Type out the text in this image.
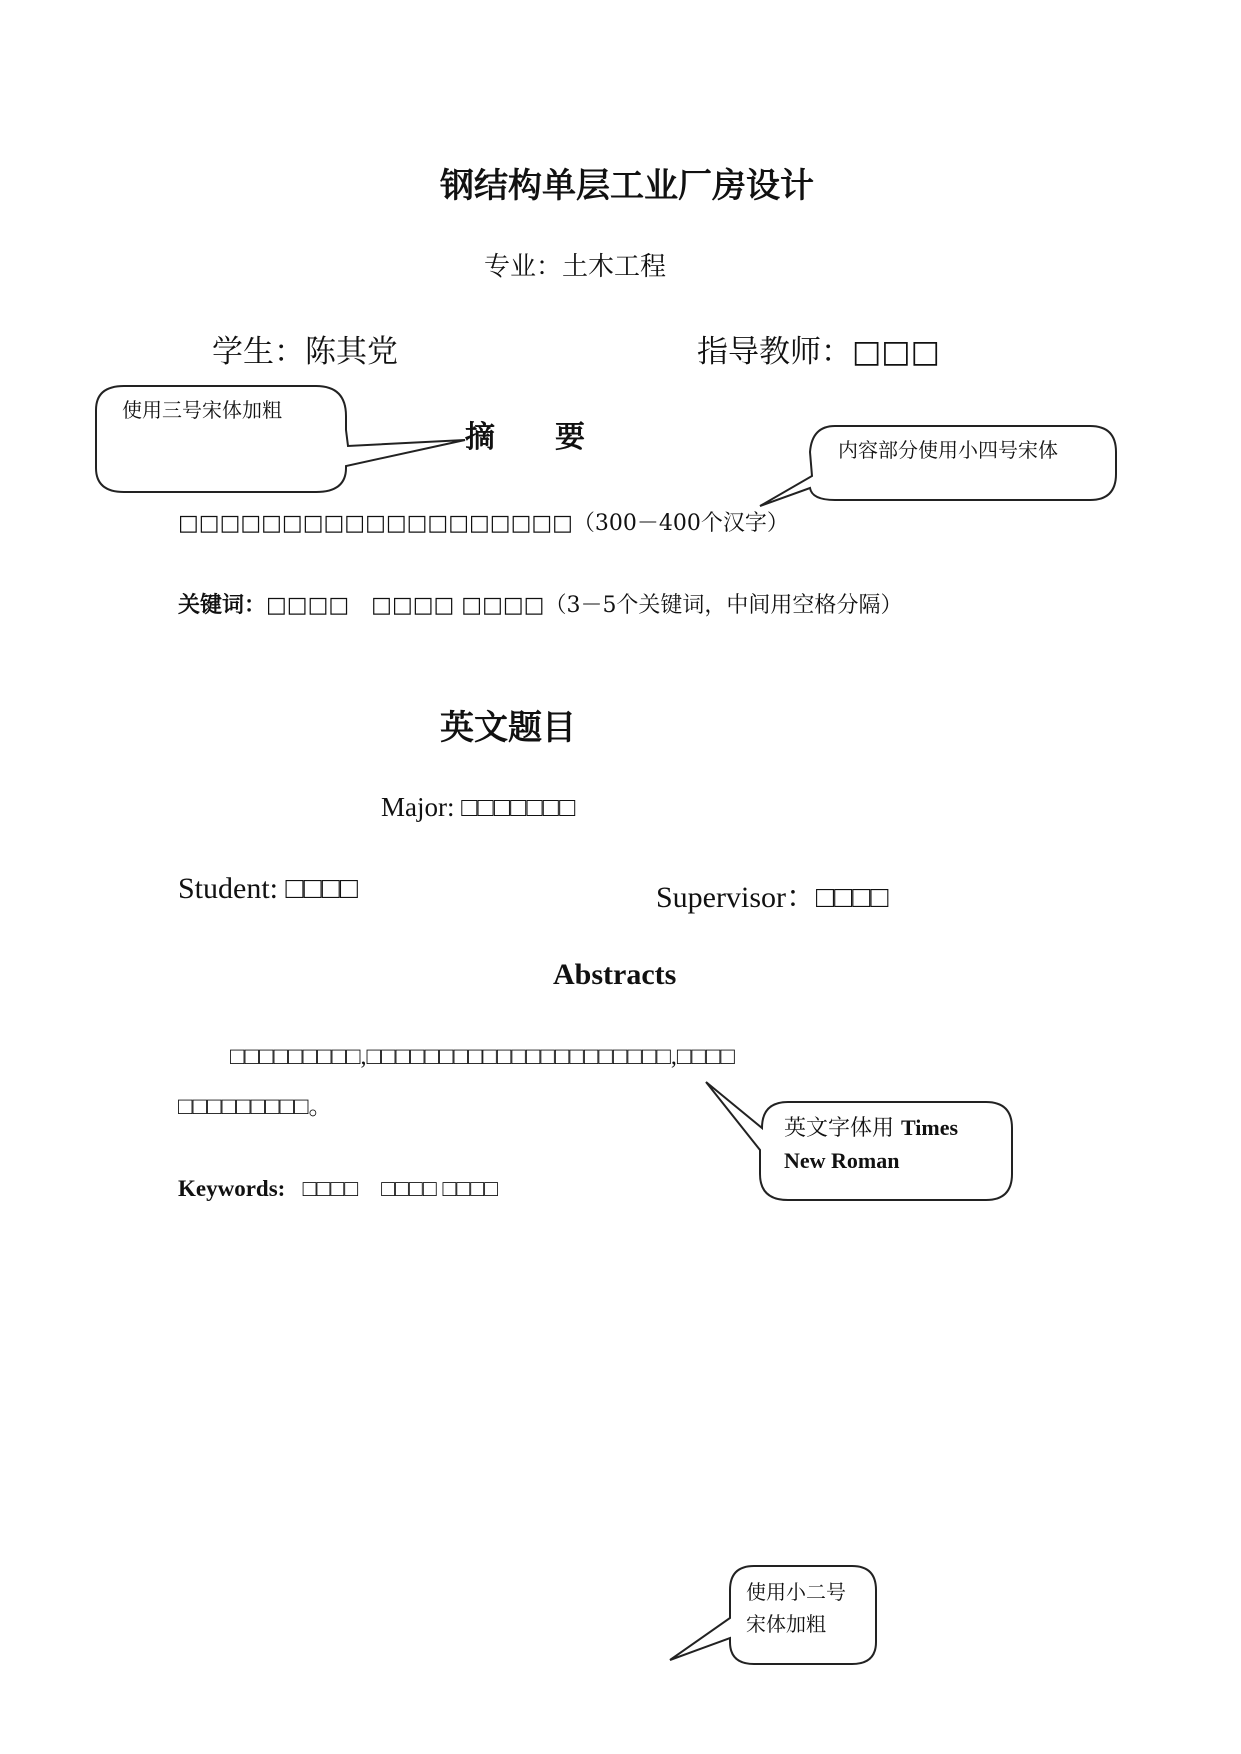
钢结构单层工业厂房设计
专业：土木工程
学生：陈其党	指导教师：□□□
摘　　要
□□□□□□□□□□□□□□□□□□□（300－400个汉字）
关键词：□□□□　□□□□ □□□□（3－5个关键词，中间用空格分隔）
英文题目
Major: □□□□□□□
Student: □□□□	Supervisor：□□□□
Abstracts
□□□□□□□□□,□□□□□□□□□□□□□□□□□□□□□,□□□□
□□□□□□□□□。
Keywords: □□□□　□□□□ □□□□
使用三号宋体加粗
内容部分使用小四号宋体
英文字体用 Times
New Roman
使用小二号
宋体加粗
